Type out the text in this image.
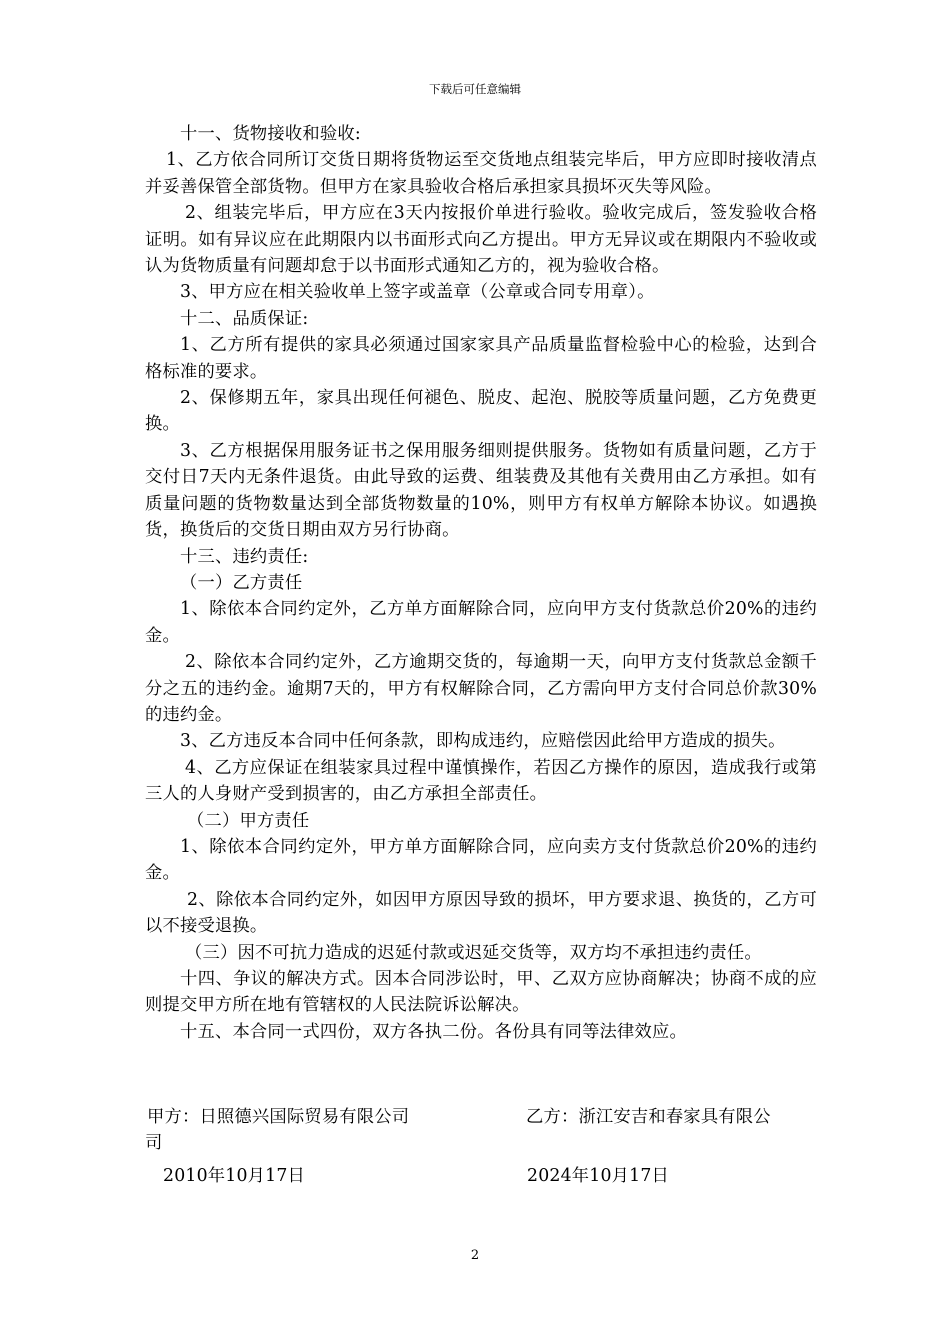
下载后可任意编辑

十一、货物接收和验收:

1、乙方依合同所订交货日期将货物运至交货地点组装完毕后，甲方应即时接收清点并妥善保管全部货物。但甲方在家具验收合格后承担家具损坏灭失等风险。

2、组装完毕后，甲方应在3天内按报价单进行验收。验收完成后，签发验收合格证明。如有异议应在此期限内以书面形式向乙方提出。甲方无异议或在期限内不验收或认为货物质量有问题却怠于以书面形式通知乙方的，视为验收合格。

3、甲方应在相关验收单上签字或盖章（公章或合同专用章）。

十二、品质保证:

1、乙方所有提供的家具必须通过国家家具产品质量监督检验中心的检验，达到合格标准的要求。

2、保修期五年，家具出现任何褪色、脱皮、起泡、脱胶等质量问题，乙方免费更换。

3、乙方根据保用服务证书之保用服务细则提供服务。货物如有质量问题，乙方于交付日7天内无条件退货。由此导致的运费、组装费及其他有关费用由乙方承担。如有质量问题的货物数量达到全部货物数量的10%，则甲方有权单方解除本协议。如遇换货，换货后的交货日期由双方另行协商。

十三、违约责任:

（一）乙方责任

1、除依本合同约定外，乙方单方面解除合同，应向甲方支付货款总价20%的违约金。

2、除依本合同约定外，乙方逾期交货的，每逾期一天，向甲方支付货款总金额千分之五的违约金。逾期7天的，甲方有权解除合同，乙方需向甲方支付合同总价款30%的违约金。

3、乙方违反本合同中任何条款，即构成违约，应赔偿因此给甲方造成的损失。

4、乙方应保证在组装家具过程中谨慎操作，若因乙方操作的原因，造成我行或第三人的人身财产受到损害的，由乙方承担全部责任。

（二）甲方责任

1、除依本合同约定外，甲方单方面解除合同，应向卖方支付货款总价20%的违约金。

2、除依本合同约定外，如因甲方原因导致的损坏，甲方要求退、换货的，乙方可以不接受退换。

（三）因不可抗力造成的迟延付款或迟延交货等，双方均不承担违约责任。

十四、争议的解决方式。因本合同涉讼时，甲、乙双方应协商解决；协商不成的应则提交甲方所在地有管辖权的人民法院诉讼解决。

十五、本合同一式四份，双方各执二份。各份具有同等法律效应。

甲方：日照德兴国际贸易有限公司	乙方：浙江安吉和春家具有限公
司
2010年10月17日	2024年10月17日
2
